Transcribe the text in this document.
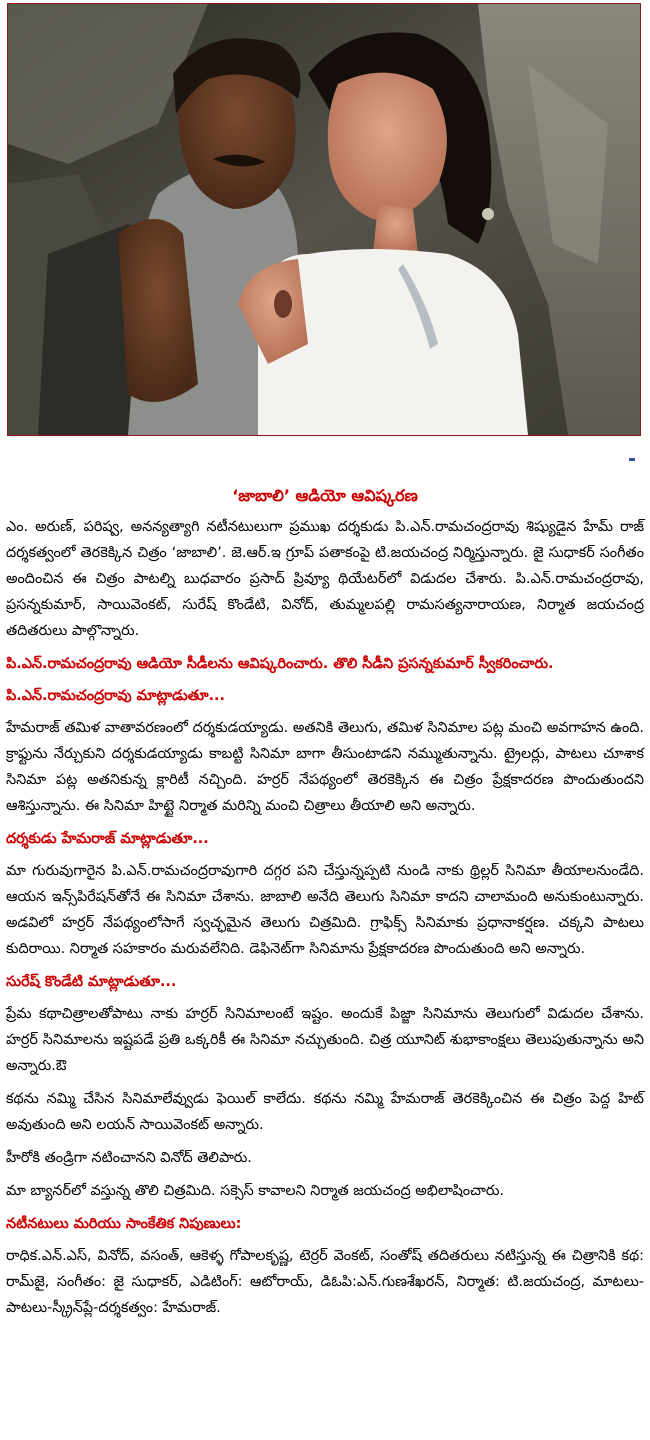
‘జాబాలి’ ఆడియో ఆవిష్కరణ

ఎం. అరుణ్, పరిష్వ, అనన్యత్యాగి నటీనటులుగా ప్రముఖ దర్శకుడు పి.ఎన్.రామచంద్రరావు శిష్యుడైన హేమ్ రాజ్ దర్శకత్వంలో తెరకెక్కిన చిత్రం ‘జాబాలి’. జె.ఆర్.ఇ గ్రూప్ పతాకంపై టి.జయచంద్ర నిర్మిస్తున్నారు. జై సుధాకర్ సంగీతం అందించిన ఈ చిత్రం పాటల్ని బుధవారం ప్రసాద్ ప్రివ్యూ థియేటర్‌లో విడుదల చేశారు. పి.ఎన్.రామచంద్రరావు, ప్రసన్నకుమార్, సాయివెంకట్, సురేష్ కొండేటి, వినోద్, తుమ్మలపల్లి రామసత్యనారాయణ, నిర్మాత జయచంద్ర తదితరులు పాల్గొన్నారు.

పి.ఎన్.రామచంద్రరావు ఆడియో సీడీలను ఆవిష్కరించారు. తొలి సీడీని ప్రసన్నకుమార్ స్వీకరించారు.

పి.ఎన్.రామచంద్రరావు మాట్లాడుతూ...

హేమరాజ్ తమిళ వాతావరణంలో దర్శకుడయ్యాడు. అతనికి తెలుగు, తమిళ సినిమాల పట్ల మంచి అవగాహన ఉంది. క్రాఫ్టును నేర్చుకుని దర్శకుడయ్యాడు కాబట్టి సినిమా బాగా తీసుంటాడని నమ్ముతున్నాను. ట్రైలర్లు, పాటలు చూశాక సినిమా పట్ల అతనికున్న క్లారిటీ నచ్చింది. హర్రర్ నేపథ్యంలో తెరకెక్కిన ఈ చిత్రం ప్రేక్షకాదరణ పొందుతుందని ఆశిస్తున్నాను. ఈ సినిమా హిట్టై నిర్మాత మరిన్ని మంచి చిత్రాలు తీయాలి అని అన్నారు.

దర్శకుడు హేమరాజ్ మాట్లాడుతూ...

మా గురువుగారైన పి.ఎన్.రామచంద్రరావుగారి దగ్గర పని చేస్తున్నప్పటి నుండి నాకు థ్రిల్లర్ సినిమా తీయాలనుండేది. ఆయన ఇన్స్‌పిరేషన్‌తోనే ఈ సినిమా చేశాను. జాబాలి అనేది తెలుగు సినిమా కాదని చాలామంది అనుకుంటున్నారు. అడవిలో హర్రర్ నేపథ్యంలోసాగే స్వచ్ఛమైన తెలుగు చిత్రమిది. గ్రాఫిక్స్ సినిమాకు ప్రధానాకర్షణ. చక్కని పాటలు కుదిరాయి. నిర్మాత సహకారం మరువలేనిది. డెఫినెట్‌గా సినిమాను ప్రేక్షకాదరణ పొందుతుంది అని అన్నారు.

సురేష్ కొండేటి మాట్లాడుతూ...

ప్రేమ కథాచిత్రాలతోపాటు నాకు హర్రర్ సినిమాలంటే ఇష్టం. అందుకే పిజ్జా సినిమాను తెలుగులో విడుదల చేశాను. హర్రర్ సినిమాలను ఇష్టపడే ప్రతి ఒక్కరికీ ఈ సినిమా నచ్చుతుంది. చిత్ర యూనిట్ శుభాకాంక్షలు తెలుపుతున్నాను అని అన్నారు.ఔ

కథను నమ్మి చేసిన సినిమాలేవ్వుడు ఫెయిల్ కాలేదు. కథను నమ్మి హేమరాజ్ తెరకెక్కించిన ఈ చిత్రం పెద్ద హిట్ అవుతుంది అని లయన్ సాయివెంకట్ అన్నారు.

హీరోకి తండ్రిగా నటించానని వినోద్ తెలిపారు.

మా బ్యానర్‌లో వస్తున్న తొలి చిత్రమిది. సక్సెస్ కావాలని నిర్మాత జయచంద్ర అభిలాషించారు.

నటీనటులు మరియు సాంకేతిక నిపుణులు:

రాధిక.ఎన్.ఎస్, వినోద్, వసంత్, ఆకెళ్ళ గోపాలకృష్ణ, టెర్రర్ వెంకట్, సంతోష్ తదితరులు నటిస్తున్న ఈ చిత్రానికి కథ: రామ్‌జై, సంగీతం: జై సుధాకర్, ఎడిటింగ్: ఆటోరాయ్, డిఓపి:ఎన్.గుణశేఖరన్, నిర్మాత: టి.జయచంద్ర, మాటలు-పాటలు-స్క్రీన్‌ప్లే-దర్శకత్వం: హేమరాజ్.
